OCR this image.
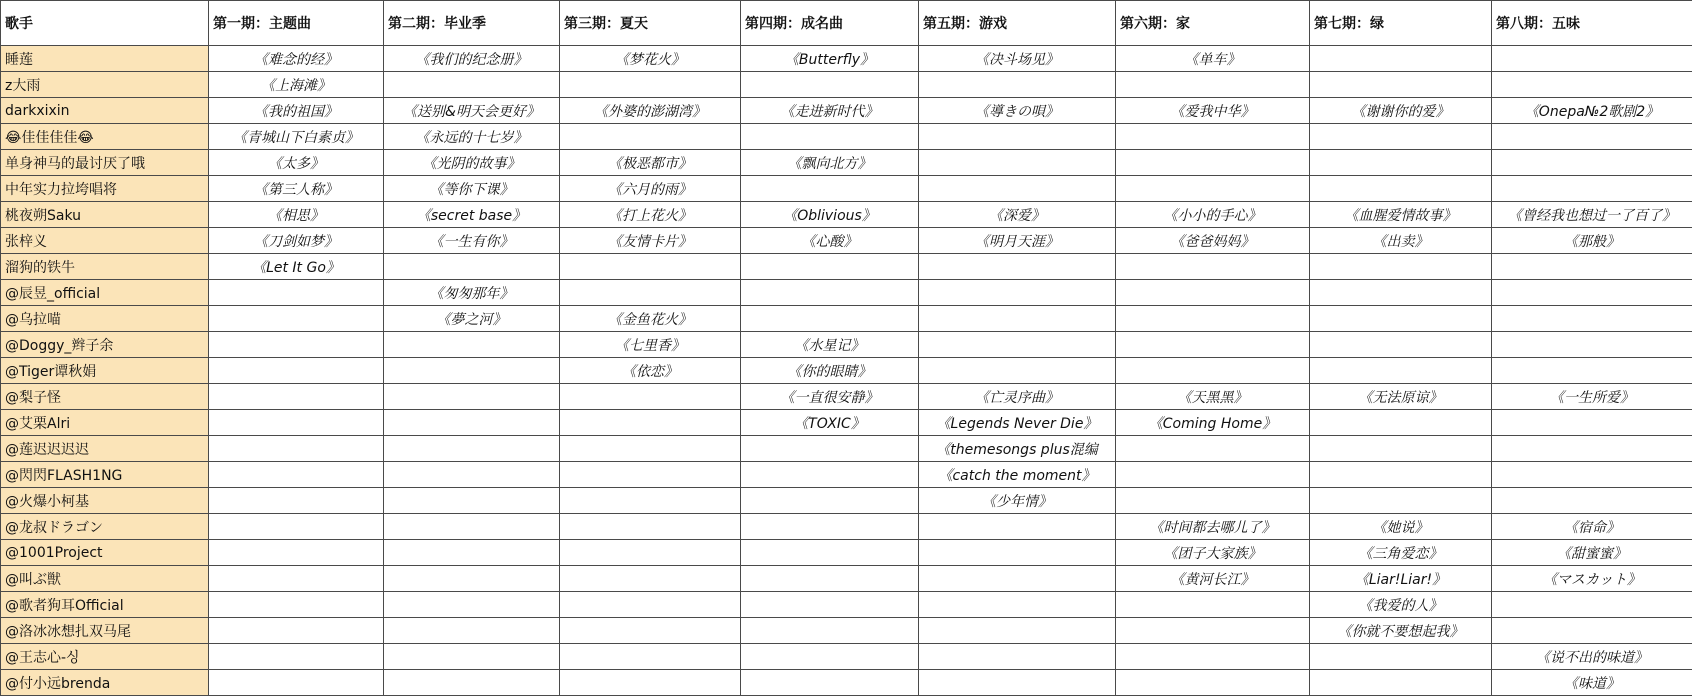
歌手	第一期：主题曲	第二期：毕业季	第三期：夏天	第四期：成名曲	第五期：游戏	第六期：家	第七期：绿	第八期：五味
睡莲	《难念的经》	《我们的纪念册》	《梦花火》	《Butterfly》	《决斗场见》	《单车》		
z大雨	《上海滩》							
darkxixin	《我的祖国》	《送别&明天会更好》	《外婆的澎湖湾》	《走进新时代》	《導きの唄》	《爱我中华》	《谢谢你的爱》	《Onepa№2歌剧2》
😂佳佳佳佳😂	《青城山下白素贞》	《永远的十七岁》						
单身神马的最讨厌了哦	《太多》	《光阴的故事》	《极恶都市》	《飘向北方》				
中年实力拉垮唱将	《第三人称》	《等你下课》	《六月的雨》					
桃夜朔Saku	《相思》	《secret base》	《打上花火》	《Oblivious》	《深爱》	《小小的手心》	《血腥爱情故事》	《曾经我也想过一了百了》
张梓义	《刀剑如梦》	《一生有你》	《友情卡片》	《心酸》	《明月天涯》	《爸爸妈妈》	《出卖》	《那般》
溜狗的铁牛	《Let It Go》							
@辰昱_official		《匆匆那年》						
@乌拉喵		《夢之河》	《金鱼花火》					
@Doggy_辫子余			《七里香》	《水星记》				
@Tiger谭秋娟			《依恋》	《你的眼睛》				
@梨子怪				《一直很安静》	《亡灵序曲》	《天黑黑》	《无法原谅》	《一生所爱》
@艾栗Alri				《TOXIC》	《Legends Never Die》	《Coming Home》		
@莲迟迟迟迟					《themesongs plus混编			
@閃閃FLASH1NG					《catch the moment》			
@火爆小柯基					《少年情》			
@龙叔ドラゴン						《时间都去哪儿了》	《她说》	《宿命》
@1001Project						《团子大家族》	《三角爱恋》	《甜蜜蜜》
@叫ぶ獣						《黄河长江》	《Liar!Liar!》	《マスカット》
@歌者狗耳Official							《我爱的人》	
@洛冰冰想扎双马尾							《你就不要想起我》	
@王志心-싱								《说不出的味道》
@付小远brenda								《味道》
